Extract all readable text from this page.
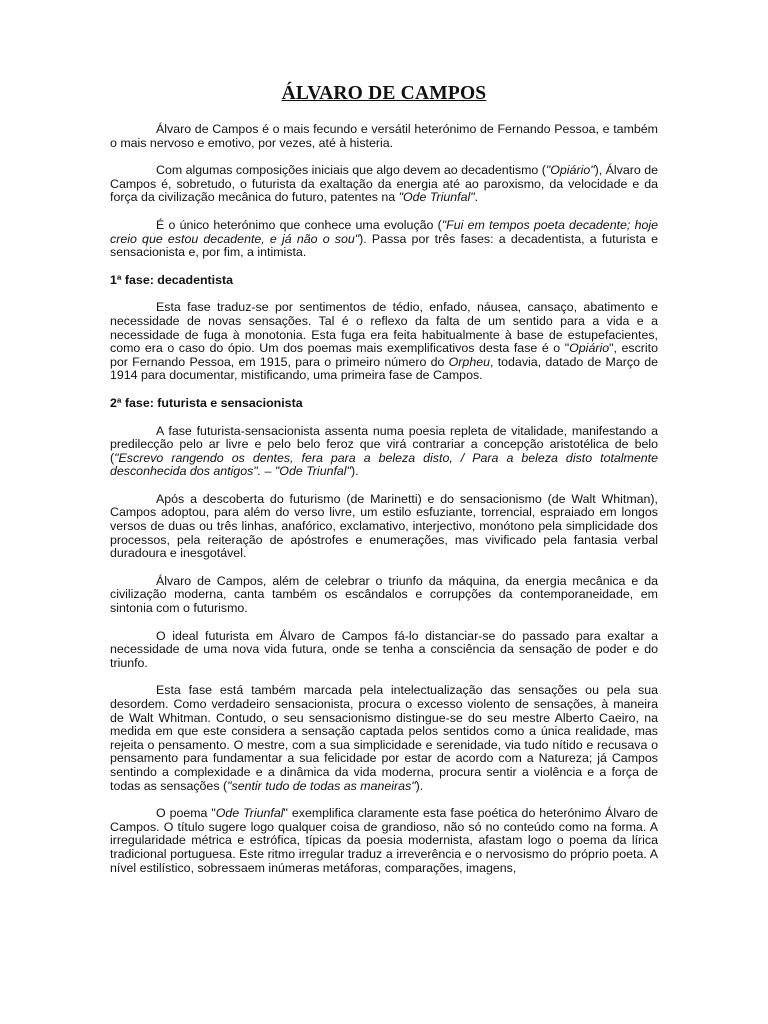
ÁLVARO DE CAMPOS

Álvaro de Campos é o mais fecundo e versátil heterónimo de Fernando Pessoa, e também o mais nervoso e emotivo, por vezes, até à histeria.

Com algumas composições iniciais que algo devem ao decadentismo ("Opiário"), Álvaro de Campos é, sobretudo, o futurista da exaltação da energia até ao paroxismo, da velocidade e da força da civilização mecânica do futuro, patentes na "Ode Triunfal".

É o único heterónimo que conhece uma evolução ("Fui em tempos poeta decadente; hoje creio que estou decadente, e já não o sou"). Passa por três fases: a decadentista, a futurista e sensacionista e, por fim, a intimista.

1ª fase: decadentista

Esta fase traduz-se por sentimentos de tédio, enfado, náusea, cansaço, abatimento e necessidade de novas sensações. Tal é o reflexo da falta de um sentido para a vida e a necessidade de fuga à monotonia. Esta fuga era feita habitualmente à base de estupefacientes, como era o caso do ópio. Um dos poemas mais exemplificativos desta fase é o "Opiário", escrito por Fernando Pessoa, em 1915, para o primeiro número do Orpheu, todavia, datado de Março de 1914 para documentar, mistificando, uma primeira fase de Campos.

2ª fase: futurista e sensacionista

A fase futurista-sensacionista assenta numa poesia repleta de vitalidade, manifestando a predilecção pelo ar livre e pelo belo feroz que virá contrariar a concepção aristotélica de belo ("Escrevo rangendo os dentes, fera para a beleza disto, / Para a beleza disto totalmente desconhecida dos antigos". – "Ode Triunfal").

Após a descoberta do futurismo (de Marinetti) e do sensacionismo (de Walt Whitman), Campos adoptou, para além do verso livre, um estilo esfuziante, torrencial, espraiado em longos versos de duas ou três linhas, anafórico, exclamativo, interjectivo, monótono pela simplicidade dos processos, pela reiteração de apóstrofes e enumerações, mas vivificado pela fantasia verbal duradoura e inesgotável.

Álvaro de Campos, além de celebrar o triunfo da máquina, da energia mecânica e da civilização moderna, canta também os escândalos e corrupções da contemporaneidade, em sintonia com o futurismo.

O ideal futurista em Álvaro de Campos fá-lo distanciar-se do passado para exaltar a necessidade de uma nova vida futura, onde se tenha a consciência da sensação de poder e do triunfo.

Esta fase está também marcada pela intelectualização das sensações ou pela sua desordem. Como verdadeiro sensacionista, procura o excesso violento de sensações, à maneira de Walt Whitman. Contudo, o seu sensacionismo distingue-se do seu mestre Alberto Caeiro, na medida em que este considera a sensação captada pelos sentidos como a única realidade, mas rejeita o pensamento. O mestre, com a sua simplicidade e serenidade, via tudo nítido e recusava o pensamento para fundamentar a sua felicidade por estar de acordo com a Natureza; já Campos sentindo a complexidade e a dinâmica da vida moderna, procura sentir a violência e a força de todas as sensações ("sentir tudo de todas as maneiras").

O poema "Ode Triunfal" exemplifica claramente esta fase poética do heterónimo Álvaro de Campos. O título sugere logo qualquer coisa de grandioso, não só no conteúdo como na forma. A irregularidade métrica e estrófica, típicas da poesia modernista, afastam logo o poema da lírica tradicional portuguesa. Este ritmo irregular traduz a irreverência e o nervosismo do próprio poeta. A nível estilístico, sobressaem inúmeras metáforas, comparações, imagens,
